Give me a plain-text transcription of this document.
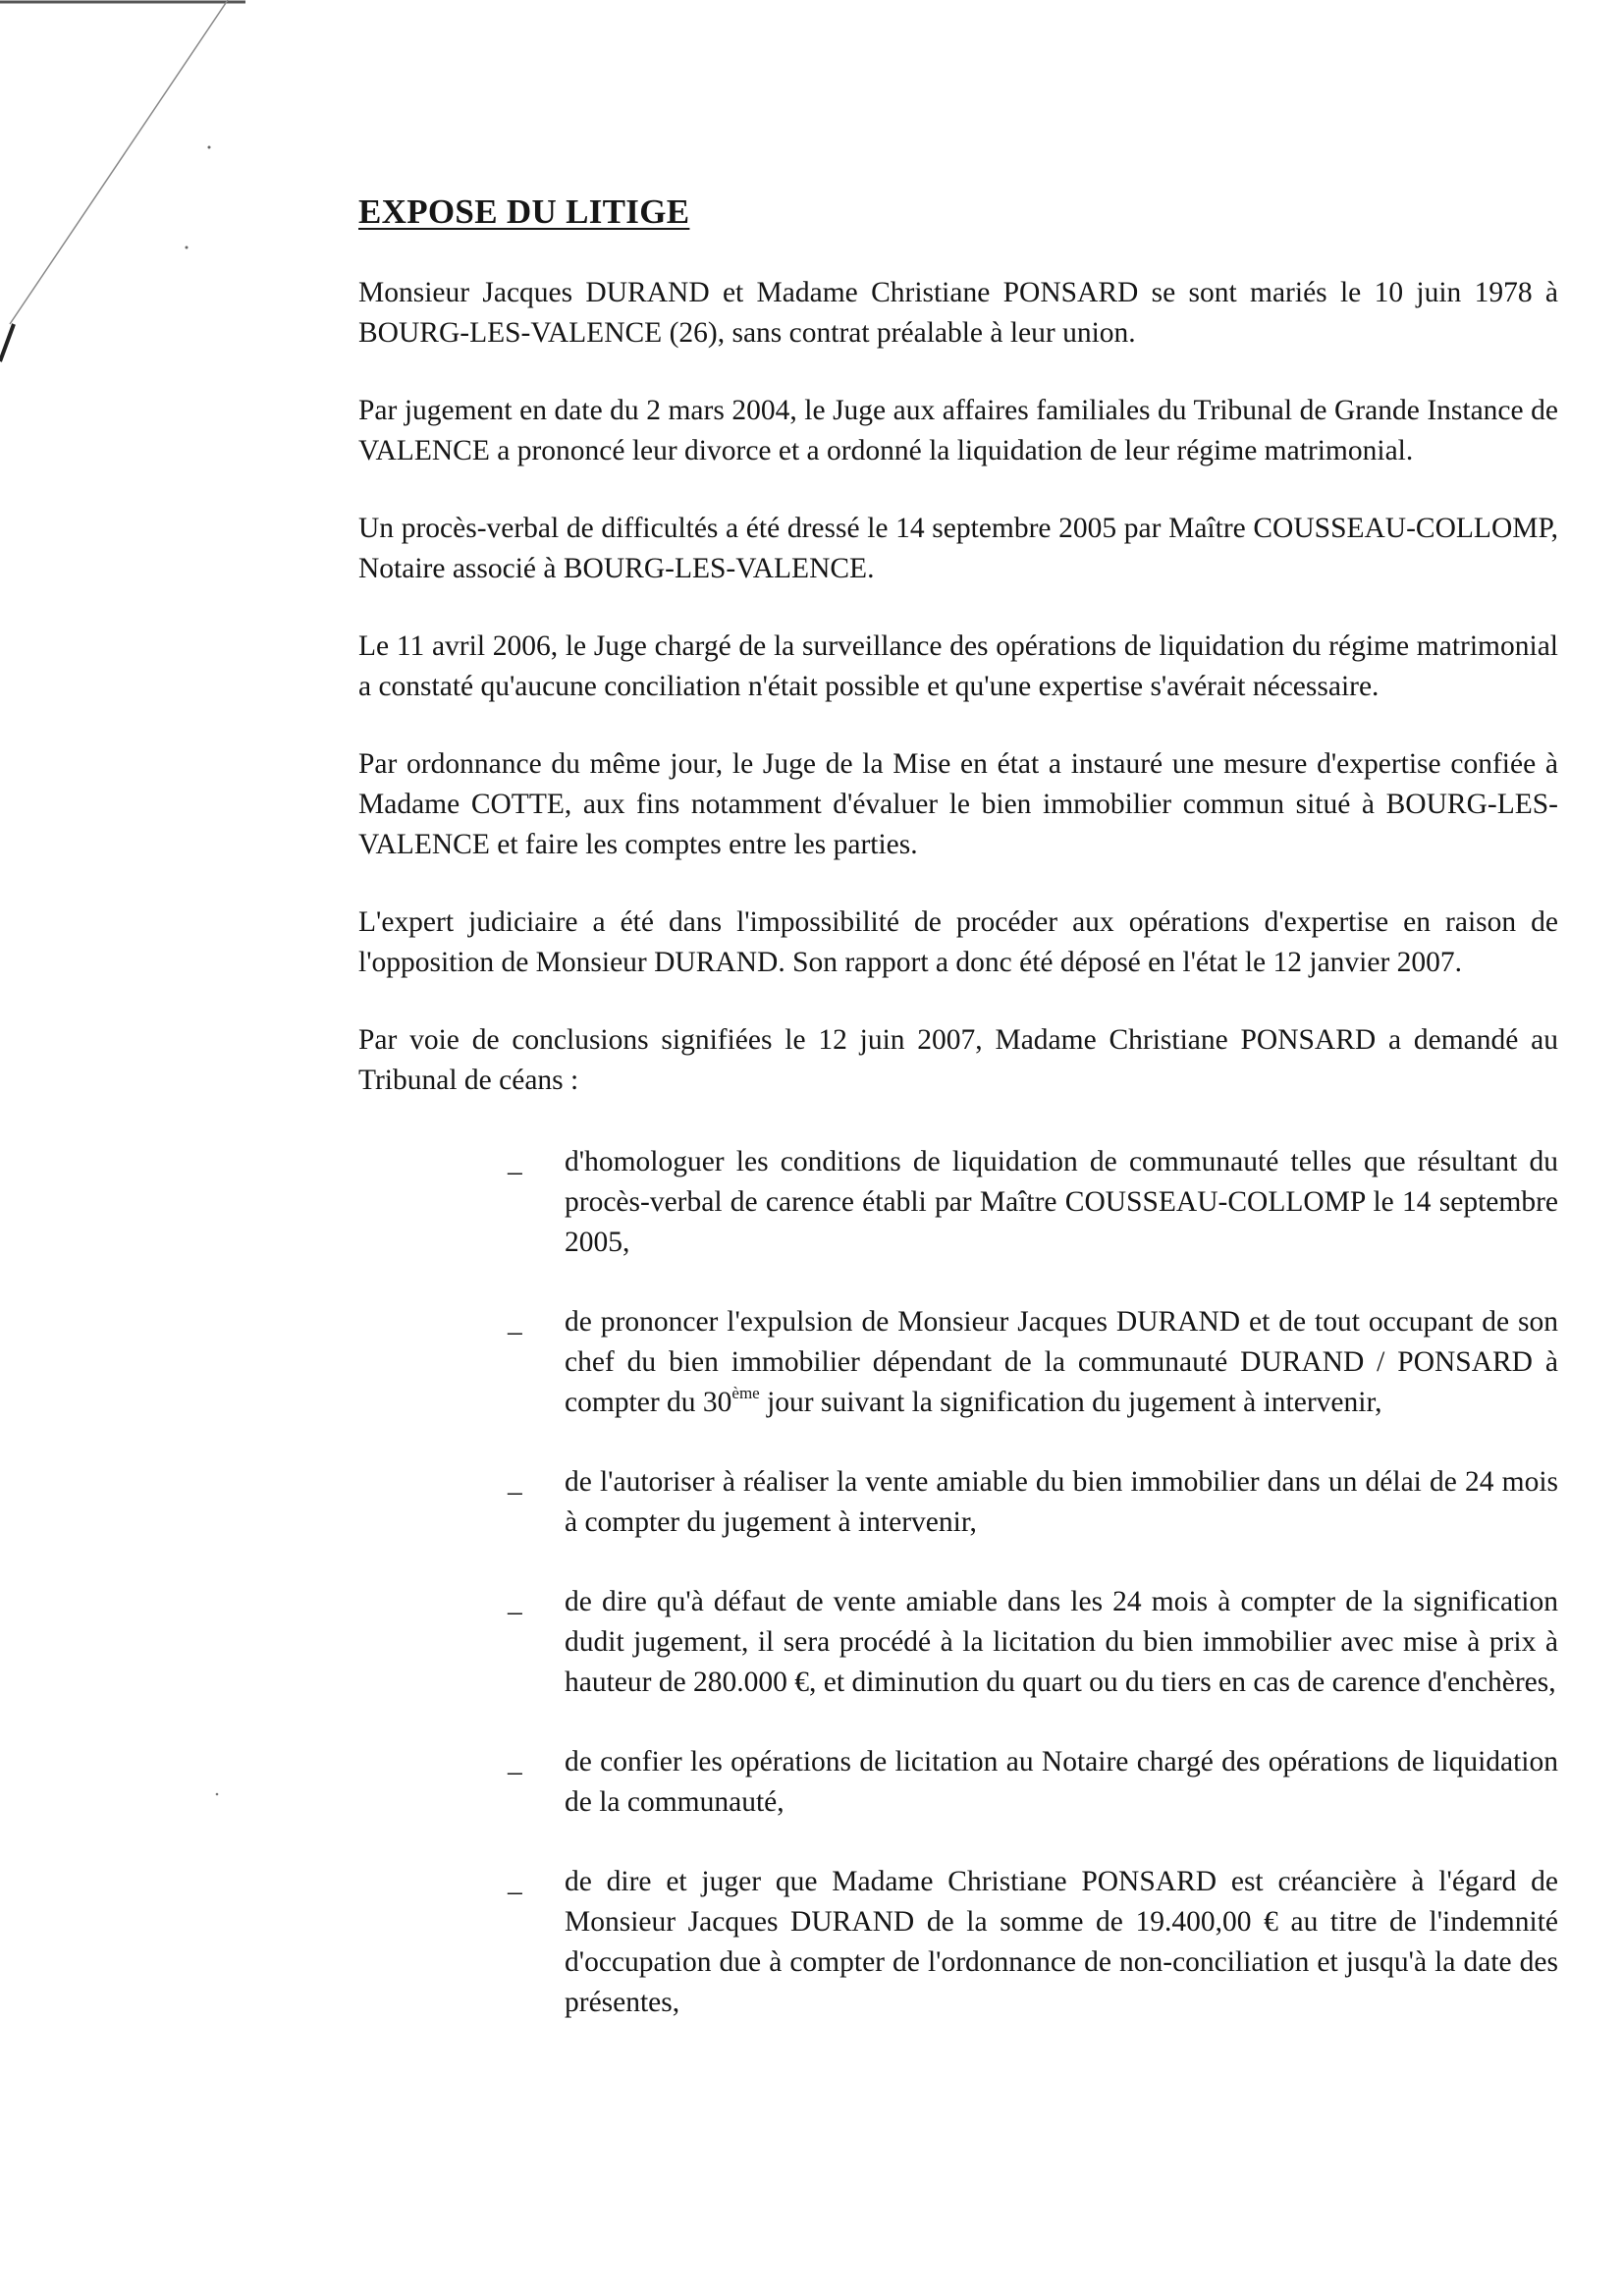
EXPOSE DU LITIGE

Monsieur Jacques DURAND et Madame Christiane PONSARD se sont mariés le 10 juin 1978 à BOURG-LES-VALENCE (26), sans contrat préalable à leur union.

Par jugement en date du 2 mars 2004, le Juge aux affaires familiales du Tribunal de Grande Instance de VALENCE a prononcé leur divorce et a ordonné la liquidation de leur régime matrimonial.

Un procès-verbal de difficultés a été dressé le 14 septembre 2005 par Maître COUSSEAU-COLLOMP, Notaire associé à BOURG-LES-VALENCE.

Le 11 avril 2006, le Juge chargé de la surveillance des opérations de liquidation du régime matrimonial a constaté qu'aucune conciliation n'était possible et qu'une expertise s'avérait nécessaire.

Par ordonnance du même jour, le Juge de la Mise en état a instauré une mesure d'expertise confiée à Madame COTTE, aux fins notamment d'évaluer le bien immobilier commun situé à BOURG-LES-VALENCE et faire les comptes entre les parties.

L'expert judiciaire a été dans l'impossibilité de procéder aux opérations d'expertise en raison de l'opposition de Monsieur DURAND. Son rapport a donc été déposé en l'état le 12 janvier 2007.

Par voie de conclusions signifiées le 12 juin 2007, Madame Christiane PONSARD a demandé au Tribunal de céans :

– d'homologuer les conditions de liquidation de communauté telles que résultant du procès-verbal de carence établi par Maître COUSSEAU-COLLOMP le 14 septembre 2005,
– de prononcer l'expulsion de Monsieur Jacques DURAND et de tout occupant de son chef du bien immobilier dépendant de la communauté DURAND / PONSARD à compter du 30ème jour suivant la signification du jugement à intervenir,
– de l'autoriser à réaliser la vente amiable du bien immobilier dans un délai de 24 mois à compter du jugement à intervenir,
– de dire qu'à défaut de vente amiable dans les 24 mois à compter de la signification dudit jugement, il sera procédé à la licitation du bien immobilier avec mise à prix à hauteur de 280.000 €, et diminution du quart ou du tiers en cas de carence d'enchères,
– de confier les opérations de licitation au Notaire chargé des opérations de liquidation de la communauté,
– de dire et juger que Madame Christiane PONSARD est créancière à l'égard de Monsieur Jacques DURAND de la somme de 19.400,00 € au titre de l'indemnité d'occupation due à compter de l'ordonnance de non-conciliation et jusqu'à la date des présentes,
